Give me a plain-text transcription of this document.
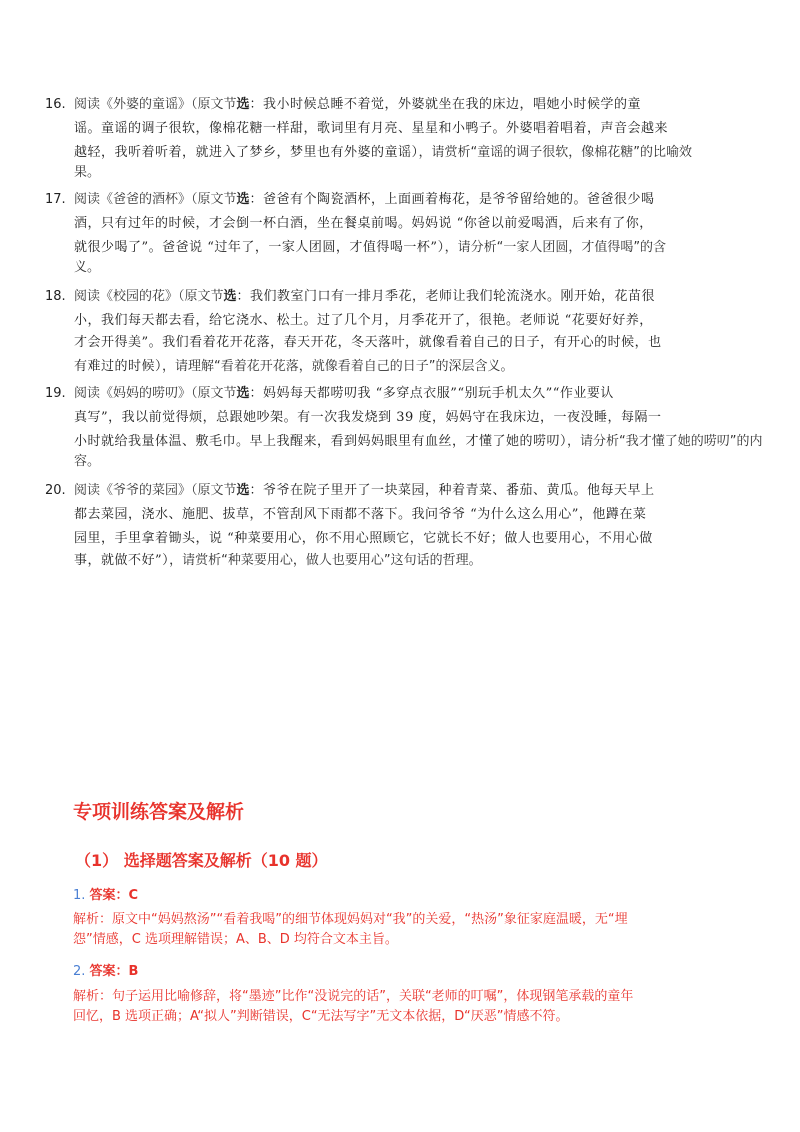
16. 阅读《外婆的童谣》（原文节选：我小时候总睡不着觉，外婆就坐在我的床边，唱她小时候学的童
谣。童谣的调子很软，像棉花糖一样甜，歌词里有月亮、星星和小鸭子。外婆唱着唱着，声音会越来
越轻，我听着听着，就进入了梦乡，梦里也有外婆的童谣），请赏析“童谣的调子很软，像棉花糖”的比喻效
果。
17. 阅读《爸爸的酒杯》（原文节选：爸爸有个陶瓷酒杯，上面画着梅花，是爷爷留给她的。爸爸很少喝
酒，只有过年的时候，才会倒一杯白酒，坐在餐桌前喝。妈妈说 “你爸以前爱喝酒，后来有了你，
就很少喝了”。爸爸说 “过年了，一家人团圆，才值得喝一杯”），请分析“一家人团圆，才值得喝”的含
义。
18. 阅读《校园的花》（原文节选：我们教室门口有一排月季花，老师让我们轮流浇水。刚开始，花苗很
小，我们每天都去看，给它浇水、松土。过了几个月，月季花开了，很艳。老师说 “花要好好养，
才会开得美”。我们看着花开花落，春天开花，冬天落叶，就像看着自己的日子，有开心的时候，也
有难过的时候），请理解“看着花开花落，就像看着自己的日子”的深层含义。
19. 阅读《妈妈的唠叨》（原文节选：妈妈每天都唠叨我 “多穿点衣服”“别玩手机太久”“作业要认
真写”，我以前觉得烦，总跟她吵架。有一次我发烧到 39 度，妈妈守在我床边，一夜没睡，每隔一
小时就给我量体温、敷毛巾。早上我醒来，看到妈妈眼里有血丝，才懂了她的唠叨），请分析“我才懂了她的唠叨”的内
容。
20. 阅读《爷爷的菜园》（原文节选：爷爷在院子里开了一块菜园，种着青菜、番茄、黄瓜。他每天早上
都去菜园，浇水、施肥、拔草，不管刮风下雨都不落下。我问爷爷 “为什么这么用心”，他蹲在菜
园里，手里拿着锄头，说 “种菜要用心，你不用心照顾它，它就长不好；做人也要用心，不用心做
事，就做不好”），请赏析“种菜要用心，做人也要用心”这句话的哲理。
专项训练答案及解析
（1） 选择题答案及解析（10 题）
1. 答案：C
解析：原文中“妈妈熬汤”“看着我喝”的细节体现妈妈对“我”的关爱，“热汤”象征家庭温暖，无“埋
怨”情感，C 选项理解错误；A、B、D 均符合文本主旨。
2. 答案：B
解析：句子运用比喻修辞，将“墨迹”比作“没说完的话”，关联“老师的叮嘱”，体现钢笔承载的童年
回忆，B 选项正确；A“拟人”判断错误，C“无法写字”无文本依据，D“厌恶”情感不符。
